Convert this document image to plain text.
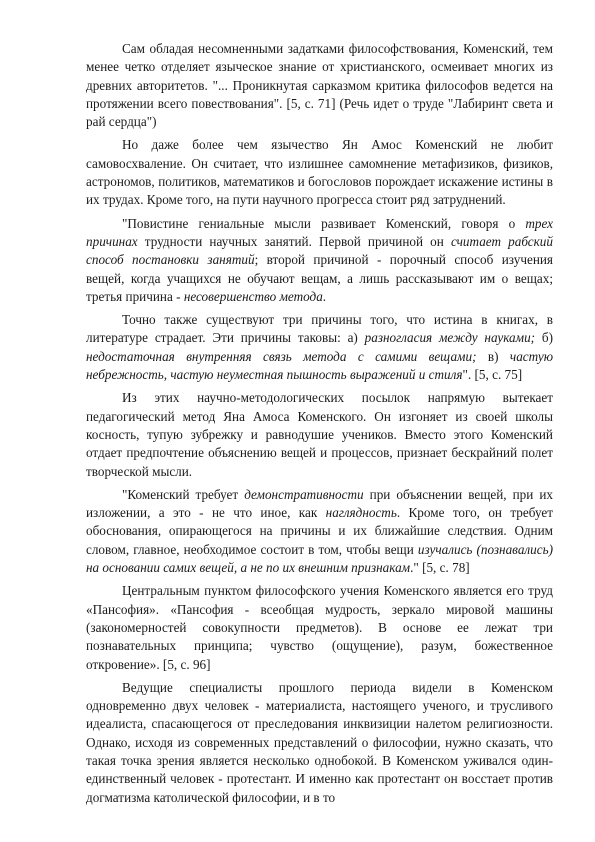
Сам обладая несомненными задатками философствования, Коменский, тем менее четко отделяет языческое знание от христианского, осмеивает многих из древних авторитетов. "... Проникнутая сарказмом критика философов ведется на протяжении всего повествования". [5, с. 71] (Речь идет о труде "Лабиринт света и рай сердца")

Но даже более чем язычество Ян Амос Коменский не любит самовосхваление. Он считает, что излишнее самомнение метафизиков, физиков, астрономов, политиков, математиков и богословов порождает искажение истины в их трудах. Кроме того, на пути научного прогресса стоит ряд затруднений.

"Повистине гениальные мысли развивает Коменский, говоря о трех причинах трудности научных занятий. Первой причиной он считает рабский способ постановки занятий; второй причиной - порочный способ изучения вещей, когда учащихся не обучают вещам, а лишь рассказывают им о вещах; третья причина - несовершенство метода.

Точно также существуют три причины того, что истина в книгах, в литературе страдает. Эти причины таковы: а) разногласия между науками; б) недостаточная внутренняя связь метода с самими вещами; в) частую небрежность, частую неуместная пышность выражений и стиля". [5, с. 75]

Из этих научно-методологических посылок напрямую вытекает педагогический метод Яна Амоса Коменского. Он изгоняет из своей школы косность, тупую зубрежку и равнодушие учеников. Вместо этого Коменский отдает предпочтение объяснению вещей и процессов, признает бескрайний полет творческой мысли.

"Коменский требует демонстративности при объяснении вещей, при их изложении, а это - не что иное, как наглядность. Кроме того, он требует обоснования, опирающегося на причины и их ближайшие следствия. Одним словом, главное, необходимое состоит в том, чтобы вещи изучались (познавались) на основании самих вещей, а не по их внешним признакам." [5, с. 78]

Центральным пунктом философского учения Коменского является его труд «Пансофия». «Пансофия - всеобщая мудрость, зеркало мировой машины (закономерностей совокупности предметов). В основе ее лежат три познавательных принципа; чувство (ощущение), разум, божественное откровение». [5, с. 96]

Ведущие специалисты прошлого периода видели в Коменском одновременно двух человек - материалиста, настоящего ученого, и трусливого идеалиста, спасающегося от преследования инквизиции налетом религиозности. Однако, исходя из современных представлений о философии, нужно сказать, что такая точка зрения является несколько однобокой. В Коменском уживался один-единственный человек - протестант. И именно как протестант он восстает против догматизма католической философии, и в то
